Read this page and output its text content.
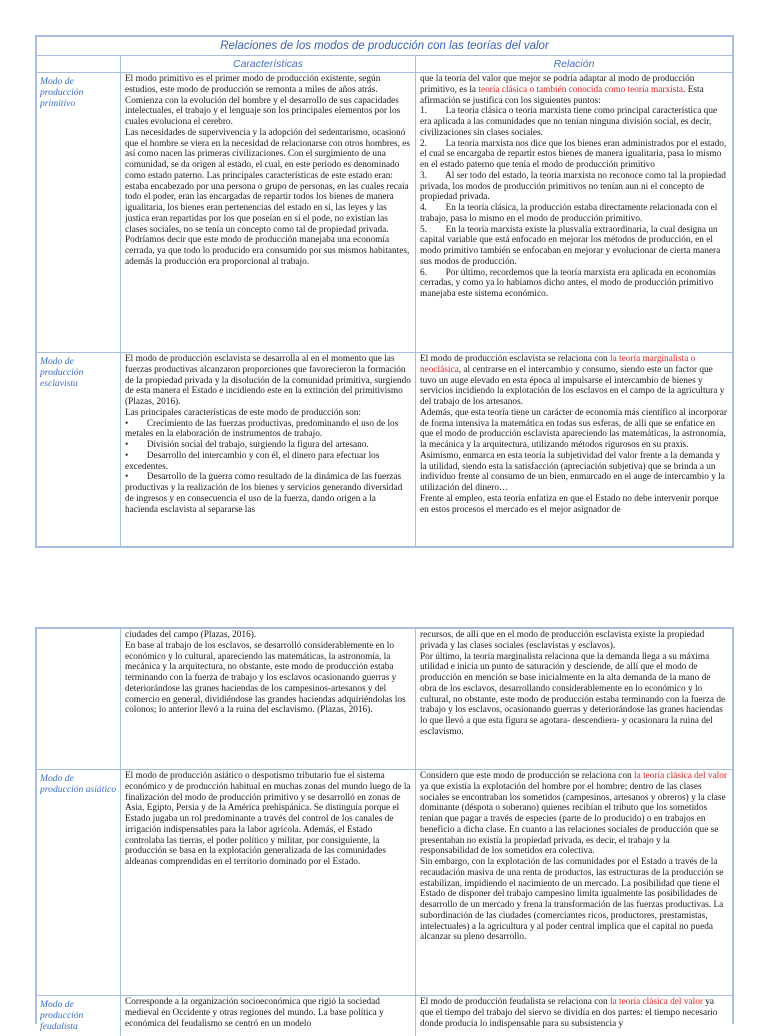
Relaciones de los modos de producción con las teorías del valor
Características	Relación
Modo de producción primitivo
El modo primitivo es el primer modo de producción existente, según estudios, este modo de producción se remonta a miles de años atrás. Comienza con la evolución del hombre y el desarrollo de sus capacidades intelectuales, el trabajo y el lenguaje son los principales elementos por los cuales evoluciona el cerebro.
Las necesidades de supervivencia y la adopción del sedentarismo, ocasionó que el hombre se viera en la necesidad de relacionarse con otros hombres, es así como nacen las primeras civilizaciones. Con el surgimiento de una comunidad, se da origen al estado, el cual, en este periodo es denominado como estado paterno. Las principales características de este estado eran: estaba encabezado por una persona o grupo de personas, en las cuales recaía todo el poder, eran las encargadas de repartir todos los bienes de manera igualitaria, los bienes eran pertenencias del estado en sí, las leyes y las justica eran repartidas por los que poseían en sí el pode, no existían las clases sociales, no se tenía un concepto como tal de propiedad privada.
Podríamos decir que este modo de producción manejaba una economía cerrada, ya que todo lo producido era consumido por sus mismos habitantes, además la producción era proporcional al trabajo.
que la teoría del valor que mejor se podría adaptar al modo de producción primitivo, es la teoría clásica o también conocida como teoría marxista. Esta afirmación se justifica con los siguientes puntos:
1.        La teoría clásica o teoría marxista tiene como principal característica que era aplicada a las comunidades que no tenían ninguna división social, es decir, civilizaciones sin clases sociales.
2.        La teoría marxista nos dice que los bienes eran administrados por el estado, el cual se encargaba de repartir estos bienes de manera igualitaria, pasa lo mismo en el estado paterno que tenía el modo de producción primitivo
3.        Al ser todo del estado, la teoría marxista no reconoce como tal la propiedad privada, los modos de producción primitivos no tenían aun ni el concepto de propiedad privada.
4.        En la teoría clásica, la producción estaba directamente relacionada con el trabajo, pasa lo mismo en el modo de producción primitivo.
5.        En la teoría marxista existe la plusvalía extraordinaria, la cual designa un capital variable que está enfocado en mejorar los métodos de producción, en el modo primitivo también se enfocaban en mejorar y evolucionar de cierta manera sus modos de producción.
6.        Por último, recordemos que la teoría marxista era aplicada en economías cerradas, y como ya lo habíamos dicho antes, el modo de producción primitivo manejaba este sistema económico.
Modo de producción esclavista
El modo de producción esclavista se desarrolla al en el momento que las fuerzas productivas alcanzaron proporciones que favorecieron la formación de la propiedad privada y la disolución de la comunidad primitiva, surgiendo de esta manera el Estado e incidiendo este en la extinción del primitivismo (Plazas, 2016).
Las principales características de este modo de producción son:
•        Crecimiento de las fuerzas productivas, predominando el uso de los metales en la elaboración de instrumentos de trabajo.
•        División social del trabajo, surgiendo la figura del artesano.
•        Desarrollo del intercambio y con él, el dinero para efectuar los excedentes.
•        Desarrollo de la guerra como resultado de la dinámica de las fuerzas productivas y la realización de los bienes y servicios generando diversidad de ingresos y en consecuencia el uso de la fuerza, dando origen a la hacienda esclavista al separarse las
El modo de producción esclavista se relaciona con la teoría marginalista o neoclásica, al centrarse en el intercambio y consumo, siendo este un factor que tuvo un auge elevado en esta época al impulsarse el intercambio de bienes y servicios incidiendo la explotación de los esclavos en el campo de la agricultura y del trabajo de los artesanos.
Además, que esta teoría tiene un carácter de economía más científico al incorporar de forma intensiva la matemática en todas sus esferas, de allí que se enfatice en que el modo de producción esclavista apareciendo las matemáticas, la astronomía, la mecánica y la arquitectura, utilizando métodos rigurosos en su praxis.
Asimismo, enmarca en esta teoría la subjetividad del valor frente a la demanda y la utilidad, siendo esta la satisfacción (apreciación subjetiva) que se brinda a un individuo frente al consumo de un bien, enmarcado en el auge de intercambio y la utilización del dinero…
Frente al empleo, esta teoría enfatiza en que el Estado no debe intervenir porque en estos procesos el mercado es el mejor asignador de
ciudades del campo (Plazas, 2016).
En base al trabajo de los esclavos, se desarrolló considerablemente en lo económico y lo cultural, apareciendo las matemáticas, la astronomía, la mecánica y la arquitectura, no obstante, este modo de producción estaba terminando con la fuerza de trabajo y los esclavos ocasionando guerras y deteriorándose las granes haciendas de los campesinos-artesanos y del comercio en general, dividiéndose las grandes haciendas adquiriéndolas los colonos; lo anterior llevó a la ruina del esclavismo. (Plazas, 2016).
recursos, de allí que en el modo de producción esclavista existe la propiedad privada y las clases sociales (esclavistas y esclavos).
Por último, la teoría marginalista relaciona que la demanda llega a su máxima utilidad e inicia un punto de saturación y desciende, de allí que el modo de producción en mención se base inicialmente en la alta demanda de la mano de obra de los esclavos, desarrollando considerablemente en lo económico y lo cultural, no obstante, este modo de producción estaba terminando con la fuerza de trabajo y los esclavos, ocasionando guerras y deteriorándose las granes haciendas lo que llevó a que esta figura se agotara- descendiera- y ocasionara la ruina del esclavismo.
Modo de producción asiático
El modo de producción asiático o despotismo tributario fue el sistema económico y de producción habitual en muchas zonas del mundo luego de la finalización del modo de producción primitivo y se desarrolló en zonas de Asia, Egipto, Persia y de la América prehispánica. Se distinguía porque el Estado jugaba un rol predominante a través del control de los canales de irrigación indispensables para la labor agrícola. Además, el Estado controlaba las tierras, el poder político y militar, por consiguiente, la producción se basa en la explotación generalizada de las comunidades aldeanas comprendidas en el territorio dominado por el Estado.
Considero que este modo de producción se relaciona con la teoría clásica del valor ya que existía la explotación del hombre por el hombre; dentro de las clases sociales se encontraban los sometidos (campesinos, artesanos y obreros) y la clase dominante (déspota o soberano) quienes recibían el tributo que los sometidos tenían que pagar a través de especies (parte de lo producido) o en trabajos en beneficio a dicha clase. En cuanto a las relaciones sociales de producción que se presentaban no existía la propiedad privada, es decir, el trabajo y la responsabilidad de los sometidos era colectiva.
Sin embargo, con la explotación de las comunidades por el Estado a través de la recaudación masiva de una renta de productos, las estructuras de la producción se estabilizan, impidiendo el nacimiento de un mercado. La posibilidad que tiene el Estado de disponer del trabajo campesino limita igualmente las posibilidades de desarrollo de un mercado y frena la transformación de las fuerzas productivas. La subordinación de las ciudades (comerciantes ricos, productores, prestamistas, intelectuales) a la agricultura y al poder central implica que el capital no pueda alcanzar su pleno desarrollo.
Modo de producción feudalista
Corresponde a la organización socioeconómica que rigió la sociedad medieval en Occidente y otras regiones del mundo. La base política y económica del feudalismo se centró en un modelo
El modo de producción feudalista se relaciona con la teoría clásica del valor ya que el tiempo del trabajo del siervo se dividía en dos partes: el tiempo necesario donde producía lo indispensable para su subsistencia y
